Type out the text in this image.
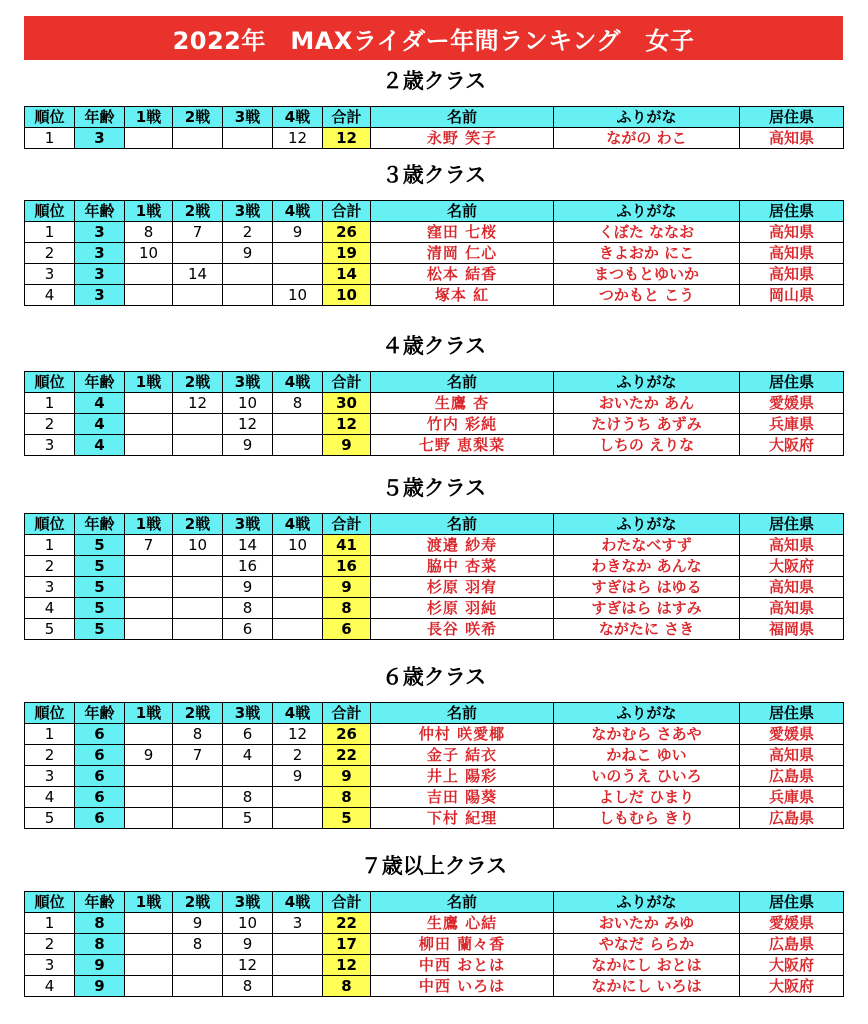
2022年　MAXライダー年間ランキング　女子
２歳クラス
順位	年齢	1戦	2戦	3戦	4戦	合計	名前	ふりがな	居住県
1	3				12	12	永野 笑子	ながの わこ	高知県
３歳クラス
順位	年齢	1戦	2戦	3戦	4戦	合計	名前	ふりがな	居住県
1	3	8	7	2	9	26	窪田 七桜	くぼた ななお	高知県
2	3	10		9		19	清岡 仁心	きよおか にこ	高知県
3	3		14			14	松本 結香	まつもとゆいか	高知県
4	3				10	10	塚本 紅	つかもと こう	岡山県
４歳クラス
順位	年齢	1戦	2戦	3戦	4戦	合計	名前	ふりがな	居住県
1	4		12	10	8	30	生鷹 杏	おいたか あん	愛媛県
2	4			12		12	竹内 彩純	たけうち あずみ	兵庫県
3	4			9		9	七野 恵梨菜	しちの えりな	大阪府
５歳クラス
順位	年齢	1戦	2戦	3戦	4戦	合計	名前	ふりがな	居住県
1	5	7	10	14	10	41	渡邉 紗寿	わたなべすず	高知県
2	5			16		16	脇中 杏菜	わきなか あんな	大阪府
3	5			9		9	杉原 羽宥	すぎはら はゆる	高知県
4	5			8		8	杉原 羽純	すぎはら はすみ	高知県
5	5			6		6	長谷 咲希	ながたに さき	福岡県
６歳クラス
順位	年齢	1戦	2戦	3戦	4戦	合計	名前	ふりがな	居住県
1	6		8	6	12	26	仲村 咲愛椰	なかむら さあや	愛媛県
2	6	9	7	4	2	22	金子 結衣	かねこ ゆい	高知県
3	6				9	9	井上 陽彩	いのうえ ひいろ	広島県
4	6			8		8	吉田 陽葵	よしだ ひまり	兵庫県
5	6			5		5	下村 紀理	しもむら きり	広島県
７歳以上クラス
順位	年齢	1戦	2戦	3戦	4戦	合計	名前	ふりがな	居住県
1	8		9	10	3	22	生鷹 心結	おいたか みゆ	愛媛県
2	8		8	9		17	柳田 蘭々香	やなだ ららか	広島県
3	9			12		12	中西 おとは	なかにし おとは	大阪府
4	9			8		8	中西 いろは	なかにし いろは	大阪府
